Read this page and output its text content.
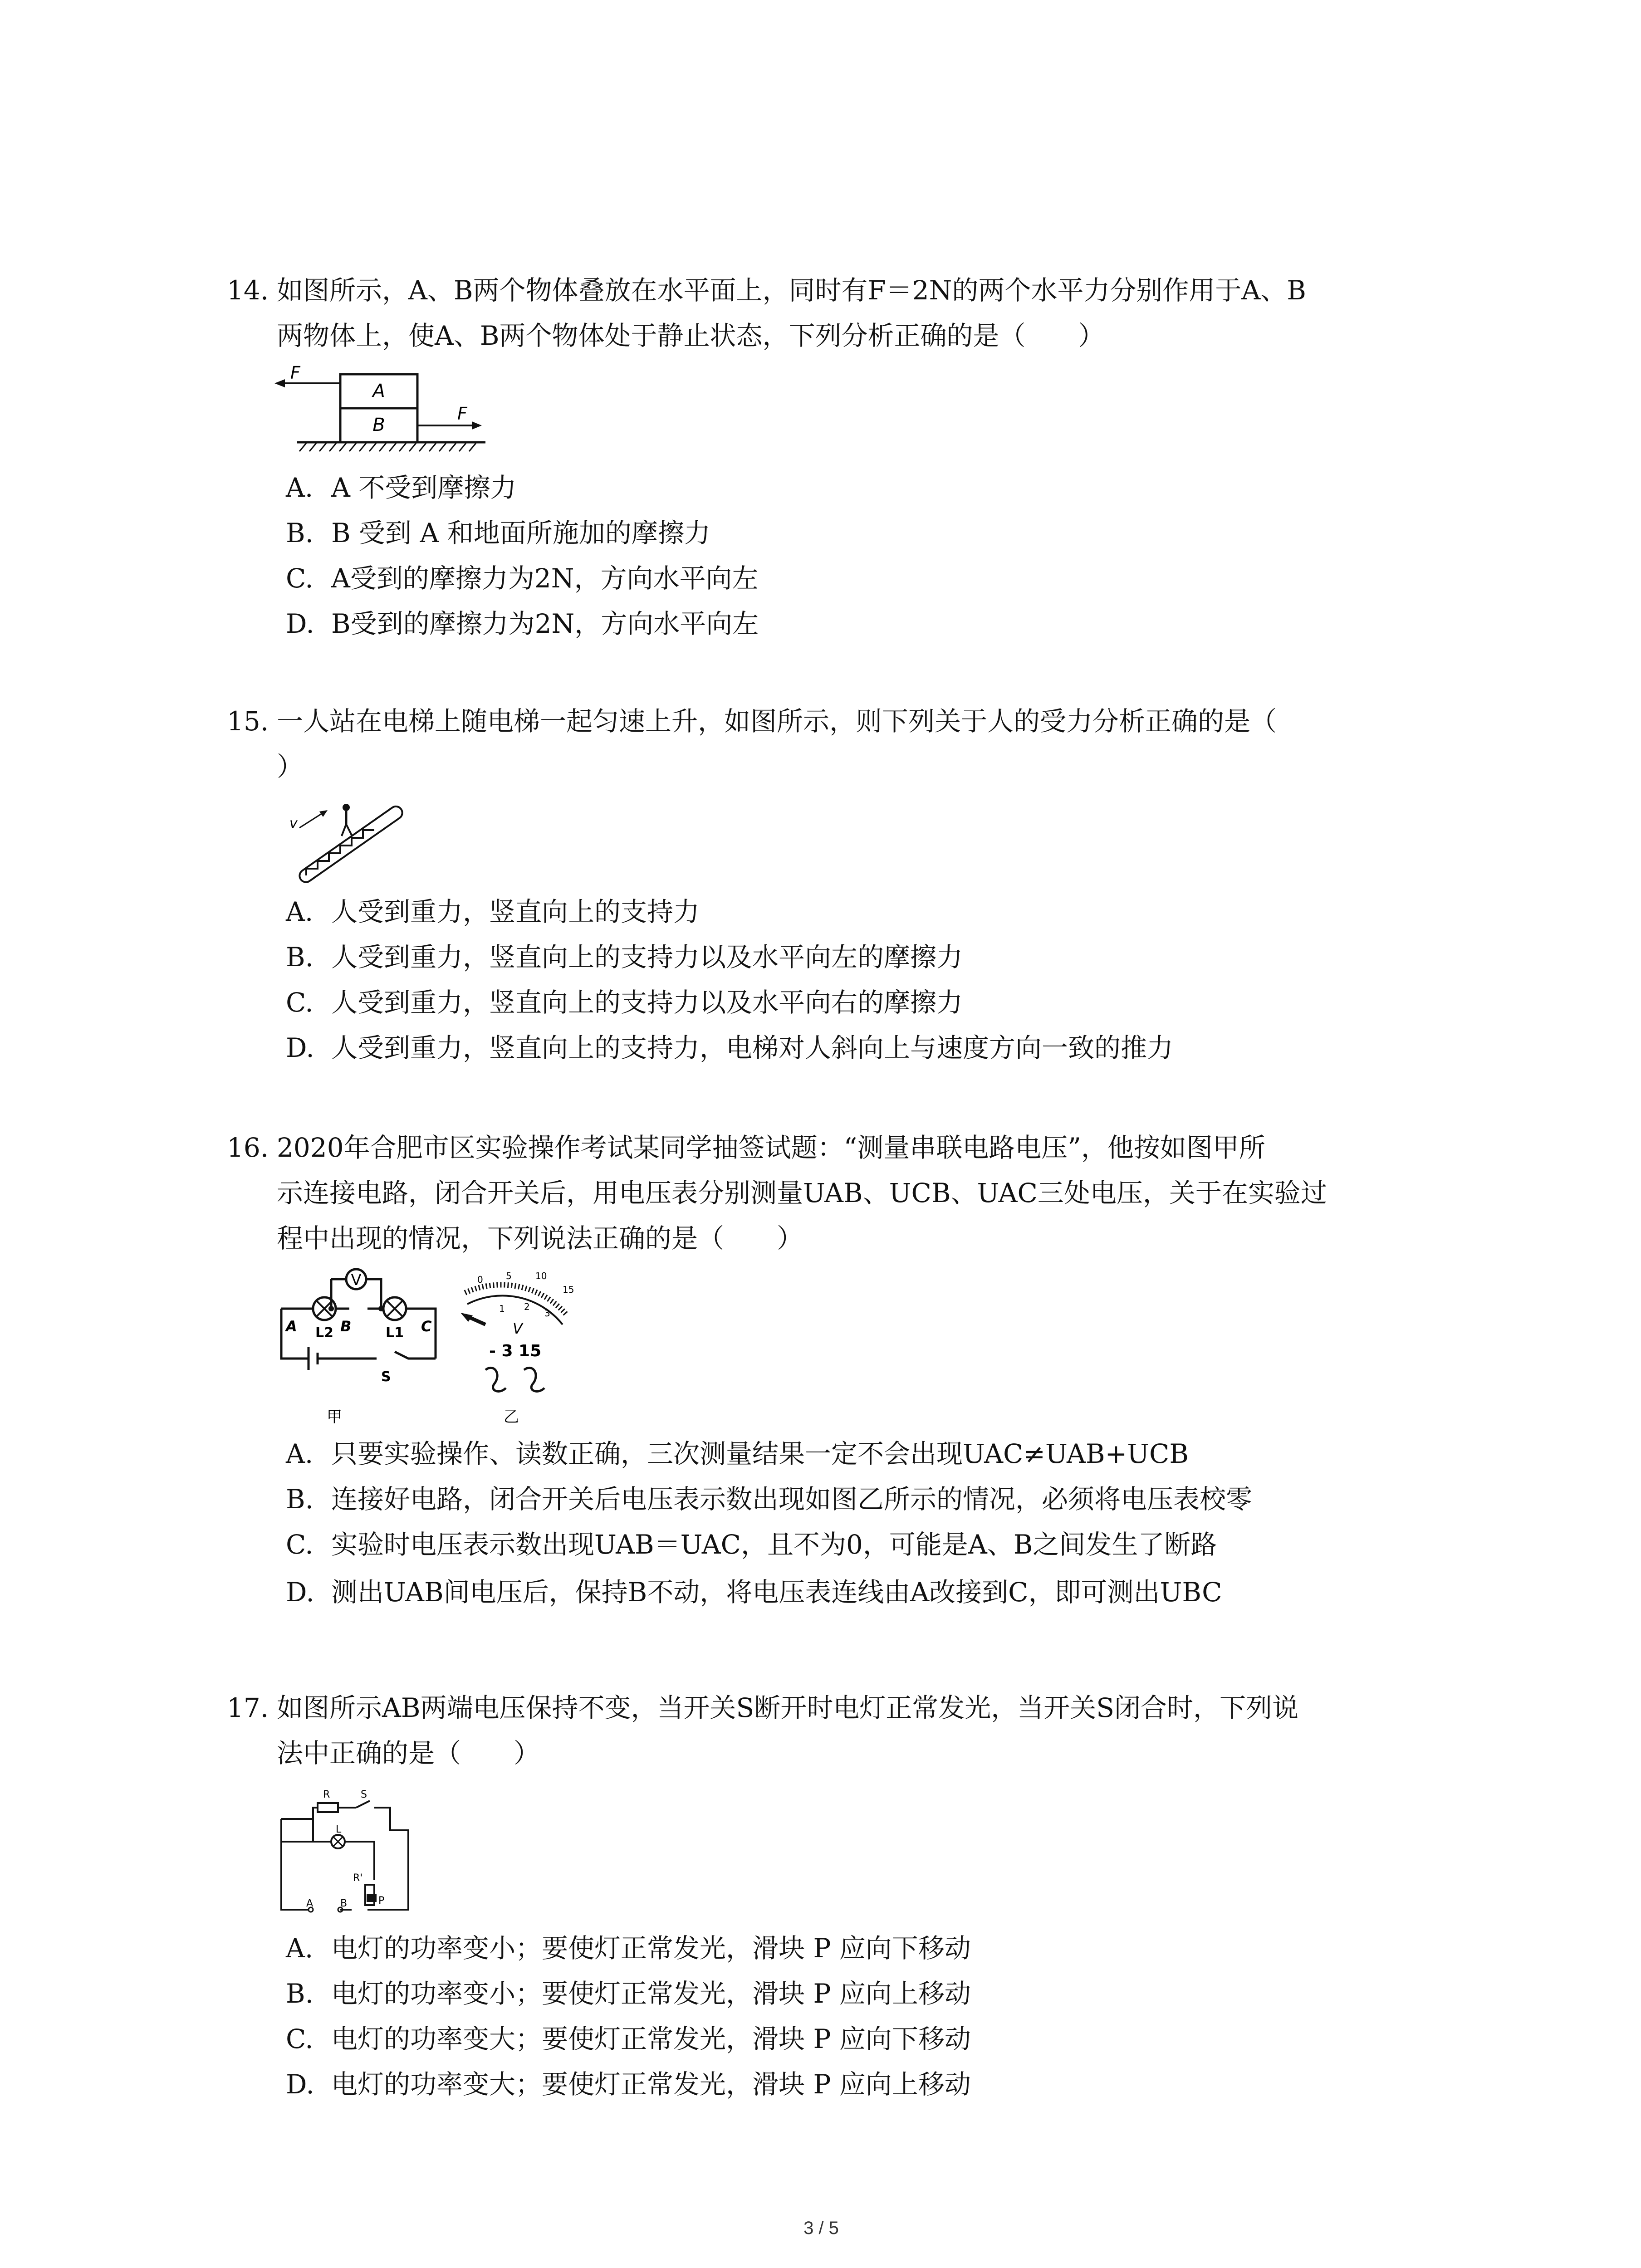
14. 如图所示，A、B两个物体叠放在水平面上，同时有F＝2N的两个水平力分别作用于A、B
两物体上，使A、B两个物体处于静止状态，下列分析正确的是（　　）
A
B
F
F
A. A 不受到摩擦力
B. B 受到 A 和地面所施加的摩擦力
C. A受到的摩擦力为2N，方向水平向左
D. B受到的摩擦力为2N，方向水平向左
15. 一人站在电梯上随电梯一起匀速上升，如图所示，则下列关于人的受力分析正确的是（
）
v
A. 人受到重力，竖直向上的支持力
B. 人受到重力，竖直向上的支持力以及水平向左的摩擦力
C. 人受到重力，竖直向上的支持力以及水平向右的摩擦力
D. 人受到重力，竖直向上的支持力，电梯对人斜向上与速度方向一致的推力
16. 2020年合肥市区实验操作考试某同学抽签试题：“测量串联电路电压”，他按如图甲所
示连接电路，闭合开关后，用电压表分别测量UAB、UCB、UAC三处电压，关于在实验过
程中出现的情况，下列说法正确的是（　　）
V
A	B	C
L2	L1
S
甲
0	5	10
15
1 2
3
V
- 3 15
乙
A. 只要实验操作、读数正确，三次测量结果一定不会出现UAC≠UAB+UCB
B. 连接好电路，闭合开关后电压表示数出现如图乙所示的情况，必须将电压表校零
C. 实验时电压表示数出现UAB＝UAC，且不为0，可能是A、B之间发生了断路
D. 测出UAB间电压后，保持B不动，将电压表连线由A改接到C，即可测出UBC
17. 如图所示AB两端电压保持不变，当开关S断开时电灯正常发光，当开关S闭合时，下列说
法中正确的是（　　）
R	S
L
R'
P
A	B
A. 电灯的功率变小；要使灯正常发光，滑块 P 应向下移动
B. 电灯的功率变小；要使灯正常发光，滑块 P 应向上移动
C. 电灯的功率变大；要使灯正常发光，滑块 P 应向下移动
D. 电灯的功率变大；要使灯正常发光，滑块 P 应向上移动
3 / 5
